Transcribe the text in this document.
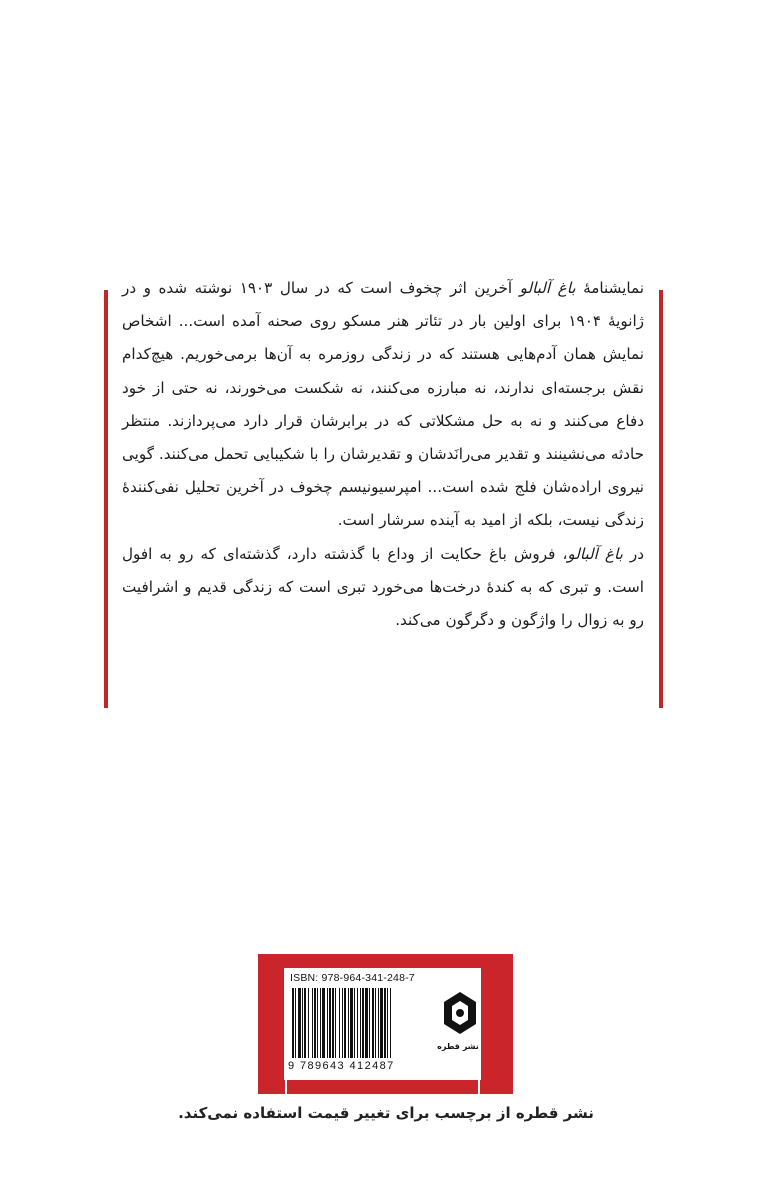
نمایشنامهٔ باغ آلبالو آخرین اثر چخوف است که در سال ۱۹۰۳ نوشته شده و در ژانویهٔ ۱۹۰۴ برای اولین بار در تئاتر هنر مسکو روی صحنه آمده است... اشخاص نمایش همان آدم‌هایی هستند که در زندگی روزمره به آن‌ها برمی‌خوریم. هیچ‌کدام نقش برجسته‌ای ندارند، نه مبارزه می‌کنند، نه شکست می‌خورند، نه حتی از خود دفاع می‌کنند و نه به حل مشکلاتی که در برابرشان قرار دارد می‌پردازند. منتظر حادثه می‌نشینند و تقدیر می‌رانَدشان و تقدیرشان را با شکیبایی تحمل می‌کنند. گویی نیروی اراده‌شان فلج شده است... امپرسیونیسم چخوف در آخرین تحلیل نفی‌کنندهٔ زندگی نیست، بلکه از امید به آینده سرشار است.

در باغ آلبالو، فروش باغ حکایت از وداع با گذشته دارد، گذشته‌ای که رو به افول است. و تبری که به کندهٔ درخت‌ها می‌خورد تبری است که زندگی قدیم و اشرافیت رو به زوال را واژگون و دگرگون می‌کند.

ISBN: 978-964-341-248-7
9 789643 412487
نشر قطره
نشر قطره از برچسب برای تغییر قیمت استفاده نمی‌کند.
